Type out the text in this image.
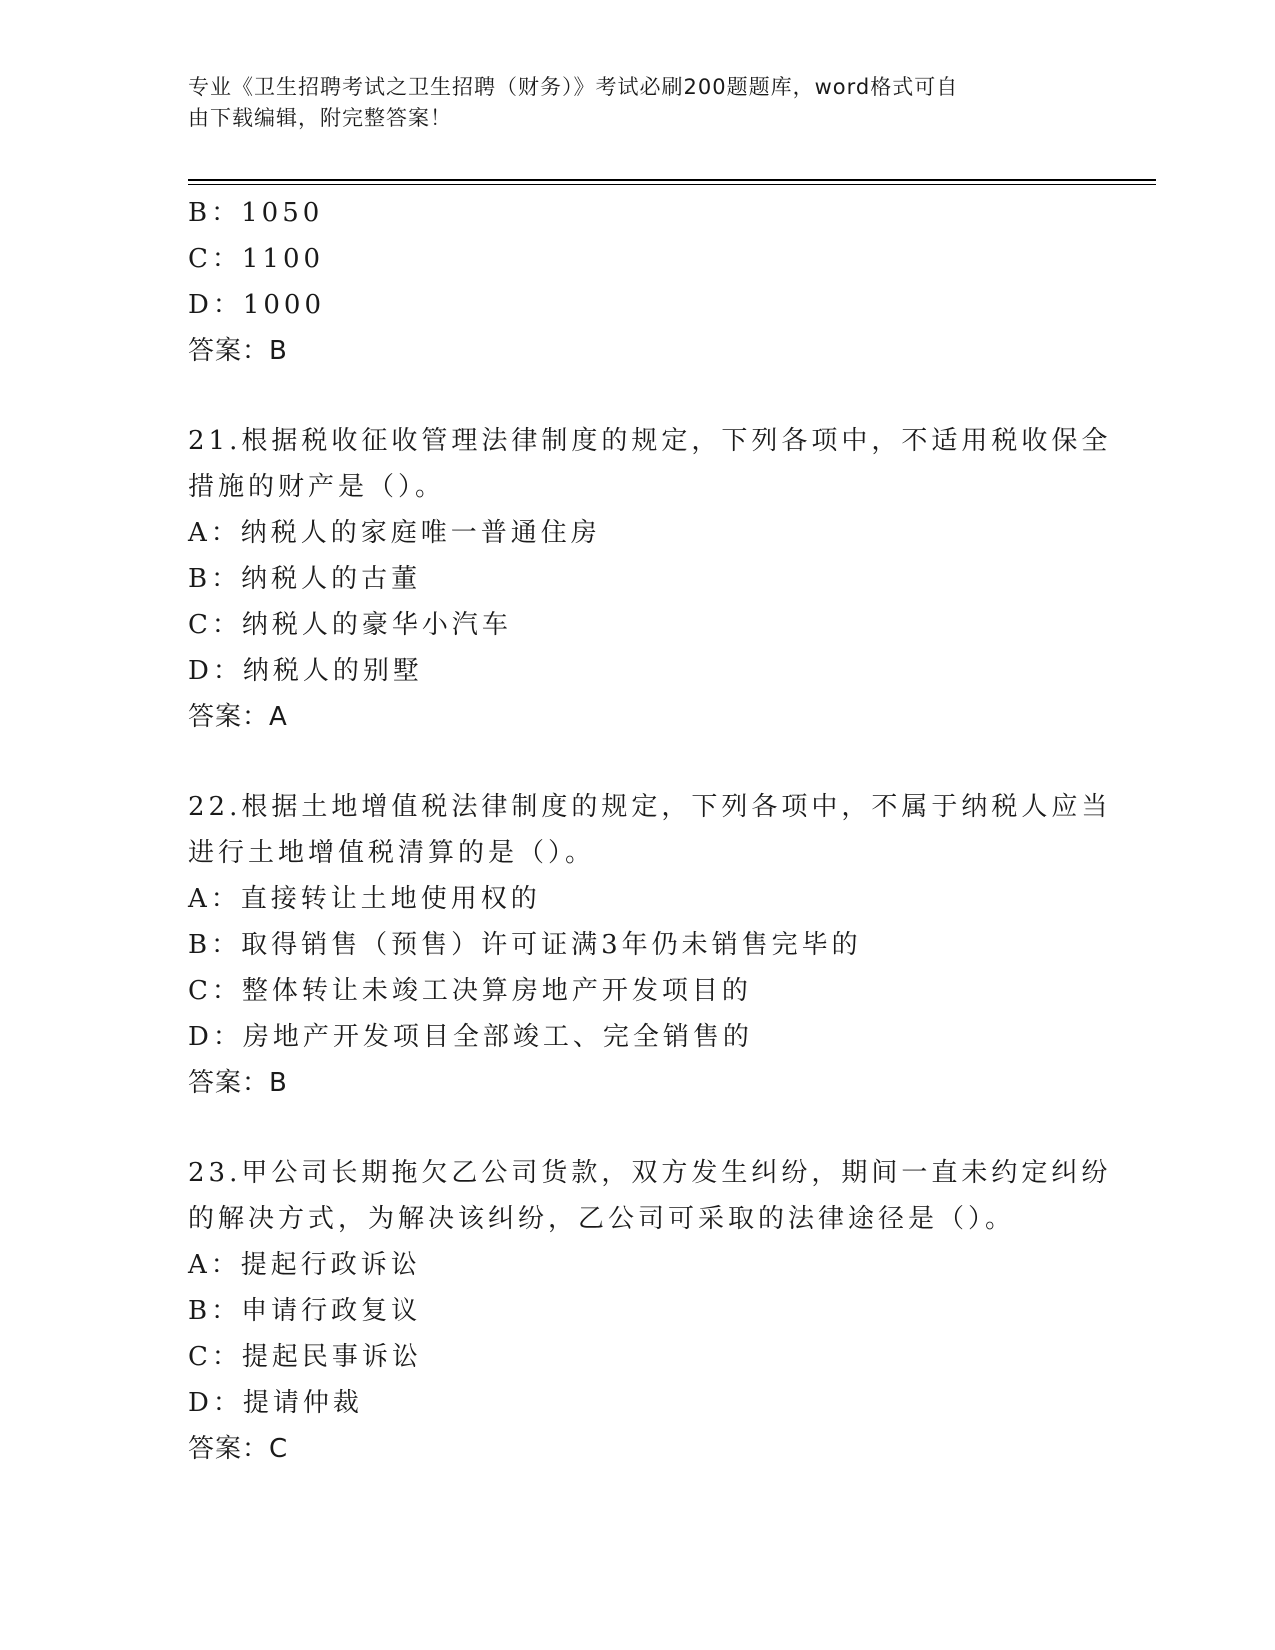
专业《卫生招聘考试之卫生招聘（财务）》考试必刷200题题库，word格式可自
由下载编辑，附完整答案！
B：1050
C：1100
D：1000
答案：B
21.根据税收征收管理法律制度的规定，下列各项中，不适用税收保全
措施的财产是（）。
A：纳税人的家庭唯一普通住房
B：纳税人的古董
C：纳税人的豪华小汽车
D：纳税人的别墅
答案：A
22.根据土地增值税法律制度的规定，下列各项中，不属于纳税人应当
进行土地增值税清算的是（）。
A：直接转让土地使用权的
B：取得销售（预售）许可证满3年仍未销售完毕的
C：整体转让未竣工决算房地产开发项目的
D：房地产开发项目全部竣工、完全销售的
答案：B
23.甲公司长期拖欠乙公司货款，双方发生纠纷，期间一直未约定纠纷
的解决方式，为解决该纠纷，乙公司可采取的法律途径是（）。
A：提起行政诉讼
B：申请行政复议
C：提起民事诉讼
D：提请仲裁
答案：C
